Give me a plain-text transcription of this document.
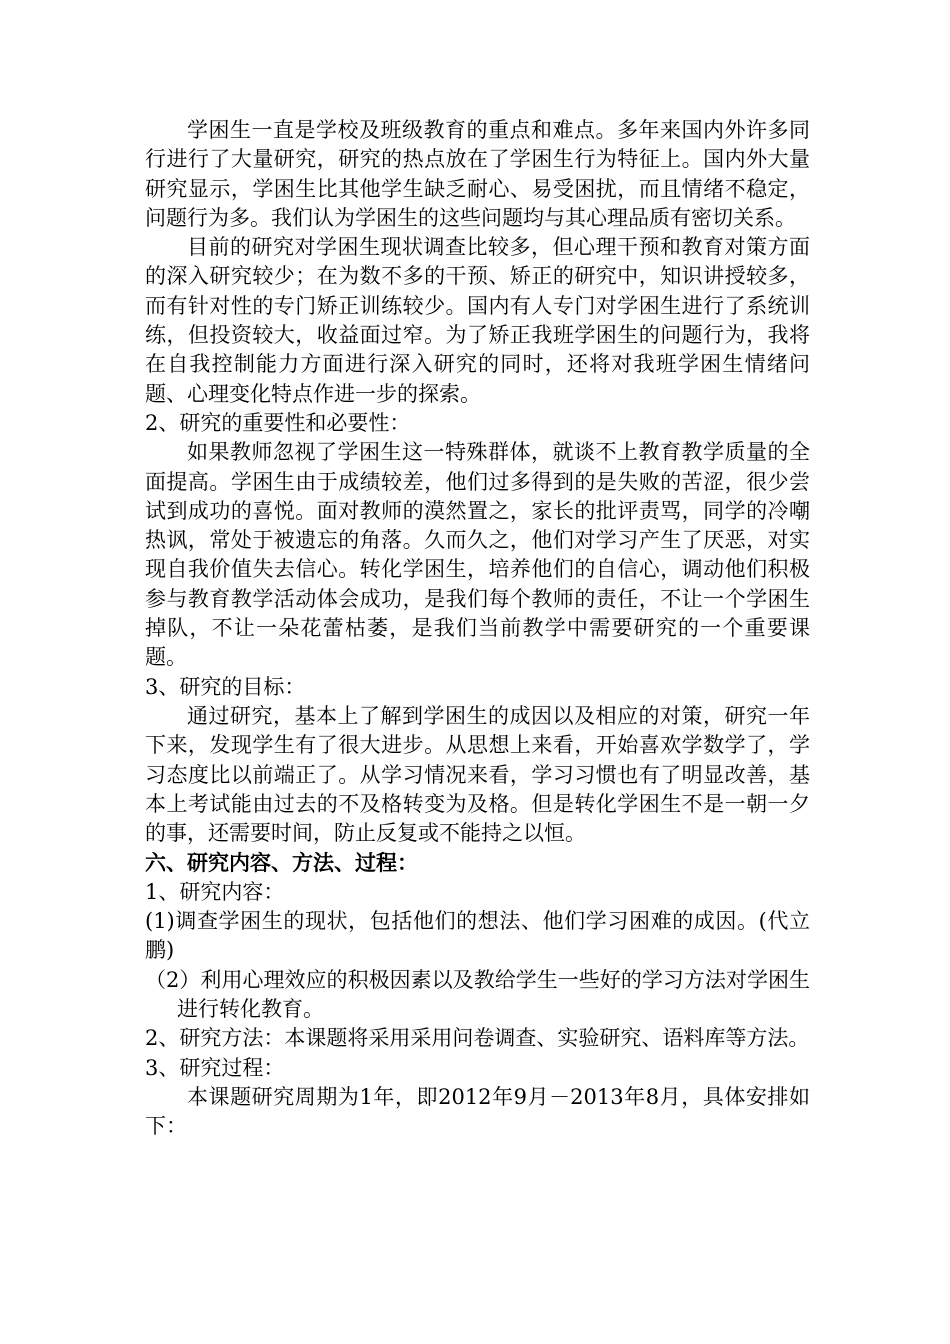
学困生一直是学校及班级教育的重点和难点。多年来国内外许多同行进行了大量研究，研究的热点放在了学困生行为特征上。国内外大量研究显示，学困生比其他学生缺乏耐心、易受困扰，而且情绪不稳定，问题行为多。我们认为学困生的这些问题均与其心理品质有密切关系。

目前的研究对学困生现状调查比较多，但心理干预和教育对策方面的深入研究较少；在为数不多的干预、矫正的研究中，知识讲授较多，而有针对性的专门矫正训练较少。国内有人专门对学困生进行了系统训练，但投资较大，收益面过窄。为了矫正我班学困生的问题行为，我将在自我控制能力方面进行深入研究的同时，还将对我班学困生情绪问题、心理变化特点作进一步的探索。

2、研究的重要性和必要性：

如果教师忽视了学困生这一特殊群体，就谈不上教育教学质量的全面提高。学困生由于成绩较差，他们过多得到的是失败的苦涩，很少尝试到成功的喜悦。面对教师的漠然置之，家长的批评责骂，同学的冷嘲热讽，常处于被遗忘的角落。久而久之，他们对学习产生了厌恶，对实现自我价值失去信心。转化学困生，培养他们的自信心，调动他们积极参与教育教学活动体会成功，是我们每个教师的责任，不让一个学困生掉队，不让一朵花蕾枯萎，是我们当前教学中需要研究的一个重要课题。

3、研究的目标：

通过研究，基本上了解到学困生的成因以及相应的对策，研究一年下来，发现学生有了很大进步。从思想上来看，开始喜欢学数学了，学习态度比以前端正了。从学习情况来看，学习习惯也有了明显改善，基本上考试能由过去的不及格转变为及格。但是转化学困生不是一朝一夕的事，还需要时间，防止反复或不能持之以恒。

六、研究内容、方法、过程：

1、研究内容：

(1)调查学困生的现状，包括他们的想法、他们学习困难的成因。(代立鹏)

（2）利用心理效应的积极因素以及教给学生一些好的学习方法对学困生进行转化教育。

2、研究方法：本课题将采用采用问卷调查、实验研究、语料库等方法。

3、研究过程：

本课题研究周期为1年，即2012年9月－2013年8月，具体安排如下：
